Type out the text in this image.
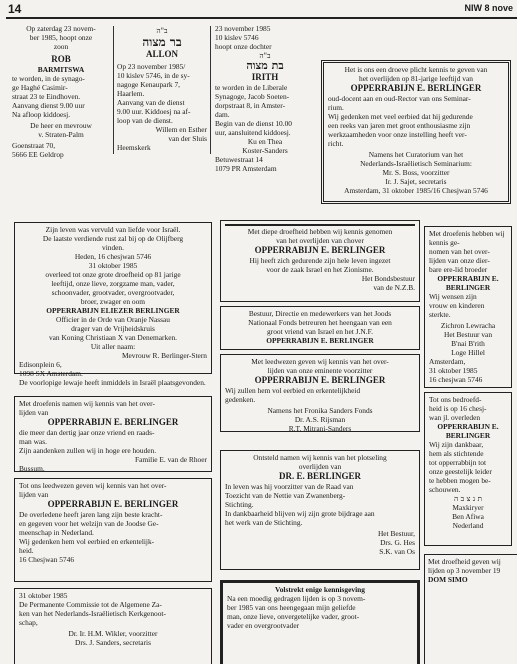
14	NIW 8 nove

Op zaterdag 23 novem-

ber 1985, hoopt onze

zoon

ROB

BARMITSWA

te worden, in de synago-

ge Haghé Casimir-

straat 23 te Eindhoven.

Aanvang dienst 9.00 uur

Na afloop kiddoesj.

De heer en mevrouw

v. Straten-Palm

Goenstraat 70,

5666 EE Geldrop

ב"ה

בר מצוה

ALLON

Op 23 november 1985/

10 kislev 5746, in de sy-

nagoge Kenaupark 7,

Haarlem.

Aanvang van de dienst

9.00 uur. Kiddoesj na af-

loop van de dienst.

Willem en Esther

van der Sluis

Heemskerk

23 november 1985

10 kislev 5746

hoopt onze dochter

ב"ה

בת מצוה

IRITH

te worden in de Liberale

Synagoge, Jacob Soeten-

dorpstraat 8, in Amster-

dam.

Begin van de dienst 10.00

uur, aansluitend kiddoesj.

Ku en Thea

Koster-Sanders

Betuwestraat 14

1079 PR Amsterdam

Het is ons een droeve plicht kennis te geven van

het overlijden op 81-jarige leeftijd van

OPPERRABIJN E. BERLINGER

oud-docent aan en oud-Rector van ons Seminar-

rium.

Wij gedenken met veel eerbied dat hij gedurende

een reeks van jaren met groot enthousiasme zijn

werkzaamheden voor onze instelling heeft ver-

richt.

Namens het Curatorium van het

Nederlands-Israëlietisch Seminarium:

Mr. S. Boss, voorzitter

Ir. J. Sajet, secretaris

Amsterdam, 31 oktober 1985/16 Chesjwan 5746

Zijn leven was vervuld van liefde voor Israël.

De laatste verdiende rust zal bij op de Olijfberg

vinden.

Heden, 16 chesjwan 5746

31 oktober 1985

overleed tot onze grote droefheid op 81 jarige

leeftijd, onze lieve, zorgzame man, vader,

schoonvader, grootvader, overgrootvader,

broer, zwager en oom

OPPERRABIJN ELIEZER BERLINGER

Officier in de Orde van Oranje Nassau

drager van de Vrijheidskruis

van Koning Christiaan X van Denemarken.

Uit aller naam:

Mevrouw R. Berlinger-Stern

Edisonplein 6,

1098 SX Amsterdam.

De voorlopige lewaje heeft inmiddels in Israël plaatsgevonden.

Met diepe droefheid hebben wij kennis genomen

van het overlijden van chover

OPPERRABIJN E. BERLINGER

Hij heeft zich gedurende zijn hele leven ingezet

voor de zaak Israel en het Zionisme.

Het Bondsbestuur

van de N.Z.B.

Met droefenis hebben wij kennis ge-

nomen van het over-

lijden van onze dier-

bare ere-lid broeder

OPPERRABIJN E. BERLINGER

Wij wensen zijn

vrouw en kinderen

sterkte.

Zichron Lewracha

Het Bestuur van

B'nai B'rith

Loge Hillel

Amsterdam,

31 oktober 1985

16 chesjwan 5746

Bestuur, Directie en medewerkers van het Joods

Nationaal Fonds betreuren het heengaan van een

groot vriend van Israel en het J.N.F.

OPPERRABIJN E. BERLINGER

Met leedwezen geven wij kennis van het over-

lijden van onze eminente voorzitter

OPPERRABIJN E. BERLINGER

Wij zullen hem vol eerbied en erkentelijkheid

gedenken.

Namens het Fronika Sanders Fonds

Dr. A.S. Rijsman

R.T. Mitrani-Sanders

Met droefenis namen wij kennis van het over-

lijden van

OPPERRABIJN E. BERLINGER

die meer dan dertig jaar onze vriend en raads-

man was.

Zijn aandenken zullen wij in hoge ere houden.

Familie E. van de Rhoer

Bussum.

Tot ons bedroefd-

heid is op 16 chesj-

wan jl. overleden

OPPERRABIJN E. BERLINGER

Wij zijn dankbaar,

hem als stichtende

tot opperrabbijn tot

onze geestelijk leider

te hebben mogen be-

schouwen.

ת נ צ ב ה

Maxkiryer

Ben Afiwa

Nederland

Tot ons leedwezen geven wij kennis van het over-

lijden van

OPPERRABIJN E. BERLINGER

De overledene heeft jaren lang zijn beste kracht-

en gegeven voor het welzijn van de Joodse Ge-

meenschap in Nederland.

Wij gedenken hem vol eerbied en erkentelijk-

heid.

16 Chesjwan 5746

Ontsteld namen wij kennis van het plotseling

overlijden van

DR. E. BERLINGER

In leven was hij voorzitter van de Raad van

Toezicht van de Nettie van Zwanenberg-

Stichting.

In dankbaarheid blijven wij zijn grote bijdrage aan

het werk van de Stichting.

Het Bestuur,

Drs. G. Hes

S.K. van Os

31 oktober 1985

De Permanente Commissie tot de Algemene Za-

ken van het Nederlands-Israëlietisch Kerkgenoot-

schap,

Dr. Ir. H.M. Wikler, voorzitter

Drs. J. Sanders, secretaris

Volstrekt enige kennisgeving

Na een moedig gedragen lijden is op 3 novem-

ber 1985 van ons heengegaan mijn geliefde

man, onze lieve, onvergetelijke vader, groot-

vader en overgrootvader

Met droefheid geven wij

lijden op 3 november 19

DOM SIMO
